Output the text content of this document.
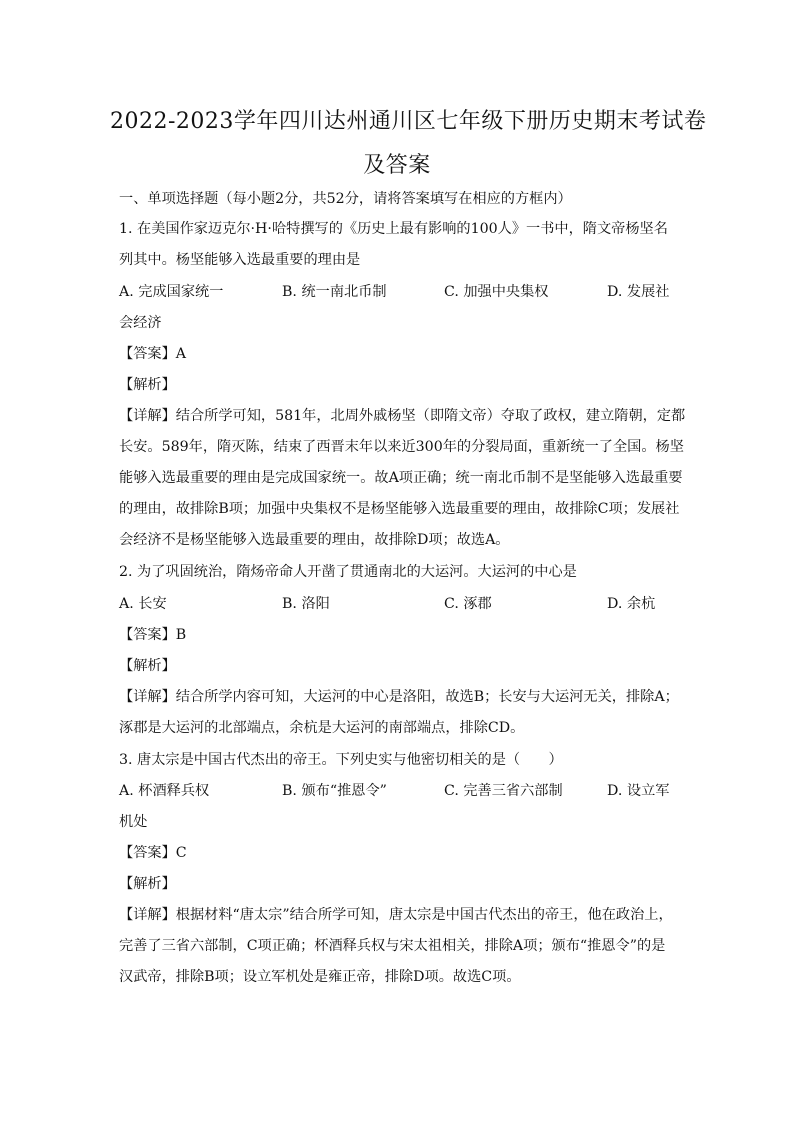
2022-2023学年四川达州通川区七年级下册历史期末考试卷
及答案
一、单项选择题（每小题2分，共52分，请将答案填写在相应的方框内）
1. 在美国作家迈克尔·H·哈特撰写的《历史上最有影响的100人》一书中，隋文帝杨坚名
列其中。杨坚能够入选最重要的理由是
A. 完成国家统一	B. 统一南北币制	C. 加强中央集权	D. 发展社
会经济
【答案】A
【解析】
【详解】结合所学可知，581年，北周外戚杨坚（即隋文帝）夺取了政权，建立隋朝，定都
长安。589年，隋灭陈，结束了西晋末年以来近300年的分裂局面，重新统一了全国。杨坚
能够入选最重要的理由是完成国家统一。故A项正确；统一南北币制不是坚能够入选最重要
的理由，故排除B项；加强中央集权不是杨坚能够入选最重要的理由，故排除C项；发展社
会经济不是杨坚能够入选最重要的理由，故排除D项；故选A。
2. 为了巩固统治，隋炀帝命人开凿了贯通南北的大运河。大运河的中心是
A. 长安	B. 洛阳	C. 涿郡	D. 余杭
【答案】B
【解析】
【详解】结合所学内容可知，大运河的中心是洛阳，故选B；长安与大运河无关，排除A；
涿郡是大运河的北部端点，余杭是大运河的南部端点，排除CD。
3. 唐太宗是中国古代杰出的帝王。下列史实与他密切相关的是（　　）
A. 杯酒释兵权	B. 颁布“推恩令”	C. 完善三省六部制	D. 设立军
机处
【答案】C
【解析】
【详解】根据材料“唐太宗”结合所学可知，唐太宗是中国古代杰出的帝王，他在政治上，
完善了三省六部制，C项正确；杯酒释兵权与宋太祖相关，排除A项；颁布“推恩令”的是
汉武帝，排除B项；设立军机处是雍正帝，排除D项。故选C项。
